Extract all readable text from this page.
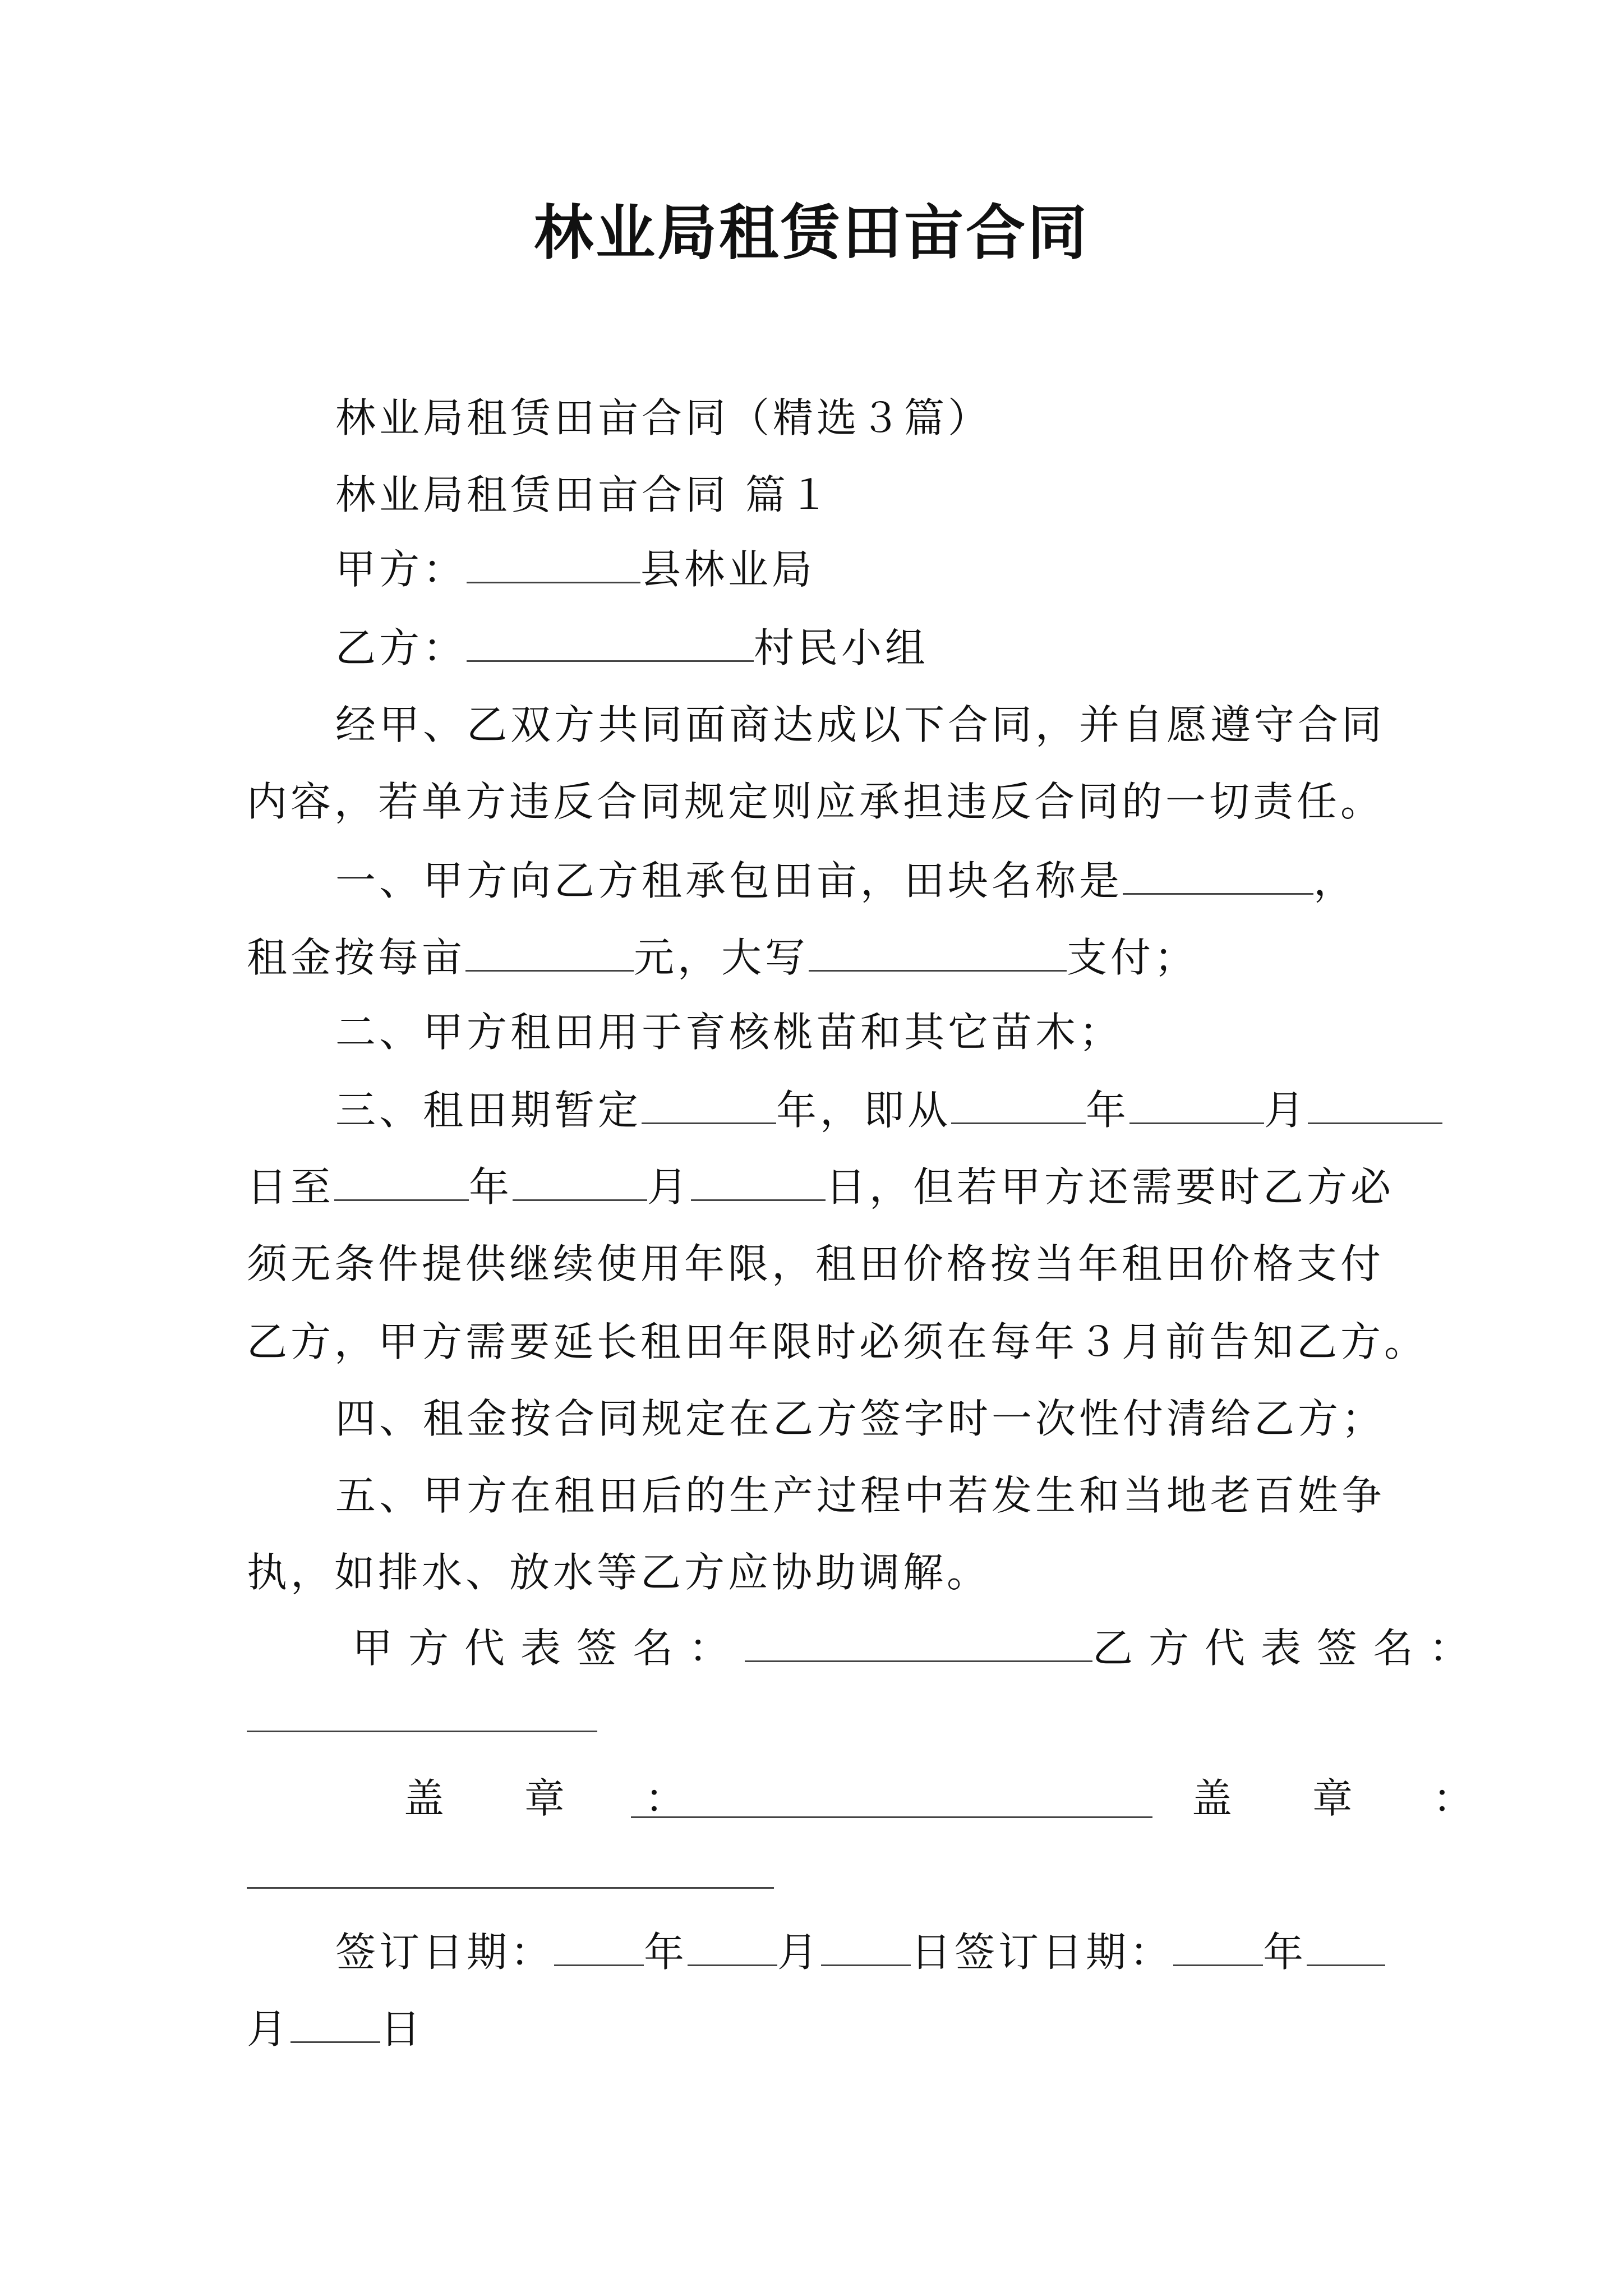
林业局租赁田亩合同
林业局租赁田亩合同（精选３篇）
林业局租赁田亩合同 篇１
甲方：	县林业局
乙方：	村民小组
经甲、乙双方共同面商达成以下合同，并自愿遵守合同
内容，若单方违反合同规定则应承担违反合同的一切责任。
一、甲方向乙方租承包田亩，田块名称是	，
租金按每亩	元，大写	支付；
二、甲方租田用于育核桃苗和其它苗木；
三、租田期暂定	年，即从	年	月
日至	年	月	日，但若甲方还需要时乙方必
须无条件提供继续使用年限，租田价格按当年租田价格支付
乙方，甲方需要延长租田年限时必须在每年３月前告知乙方。
四、租金按合同规定在乙方签字时一次性付清给乙方；
五、甲方在租田后的生产过程中若发生和当地老百姓争
执，如排水、放水等乙方应协助调解。
甲方代表签名：	乙方代表签名：
盖 章 ：	盖 章 ：
签订日期： 年 月 日签订日期： 年
月 日
